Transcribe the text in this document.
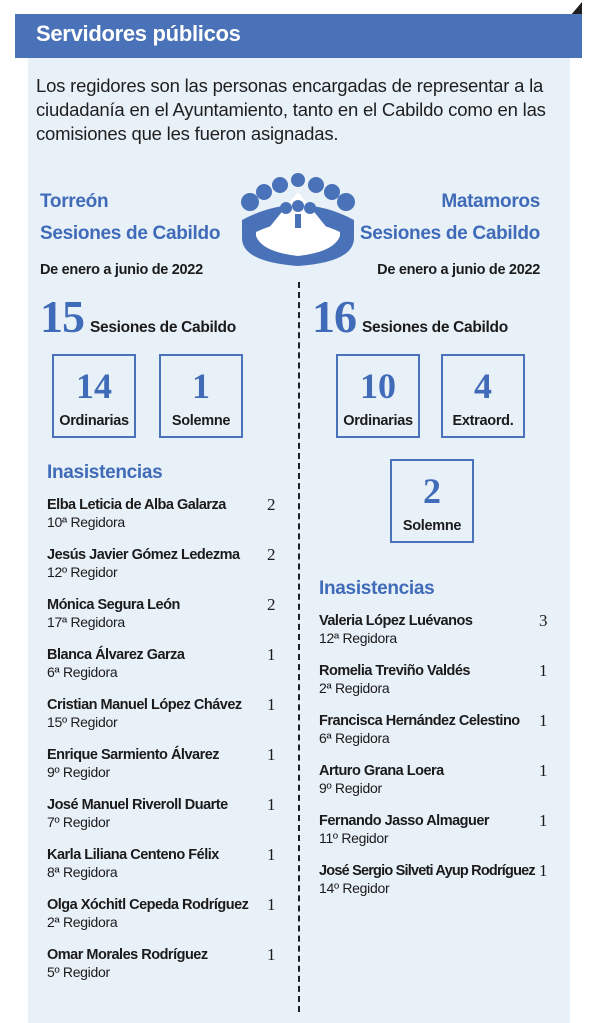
Servidores públicos

Los regidores son las personas encargadas de representar a la ciudadanía en el Ayuntamiento, tanto en el Cabildo como en las comisiones que les fueron asignadas.

Torreón
Sesiones de Cabildo
De enero a junio de 2022
Matamoros
Sesiones de Cabildo
De enero a junio de 2022
15 Sesiones de Cabildo
14
Ordinarias
1
Solemne
Inasistencias
Elba Leticia de Alba Galarza
10ª Regidora
2
Jesús Javier Gómez Ledezma
12º Regidor
2
Mónica Segura León
17ª Regidora
2
Blanca Álvarez Garza
6ª Regidora
1
Cristian Manuel López Chávez
15º Regidor
1
Enrique Sarmiento Álvarez
9º Regidor
1
José Manuel Riveroll Duarte
7º Regidor
1
Karla Liliana Centeno Félix
8ª Regidora
1
Olga Xóchitl Cepeda Rodríguez
2ª Regidora
1
Omar Morales Rodríguez
5º Regidor
1
16 Sesiones de Cabildo
10
Ordinarias
4
Extraord.
2
Solemne
Inasistencias
Valeria López Luévanos
12ª Regidora
3
Romelia Treviño Valdés
2ª Regidora
1
Francisca Hernández Celestino
6ª Regidora
1
Arturo Grana Loera
9º Regidor
1
Fernando Jasso Almaguer
11º Regidor
1
José Sergio Silveti Ayup Rodríguez
14º Regidor
1
